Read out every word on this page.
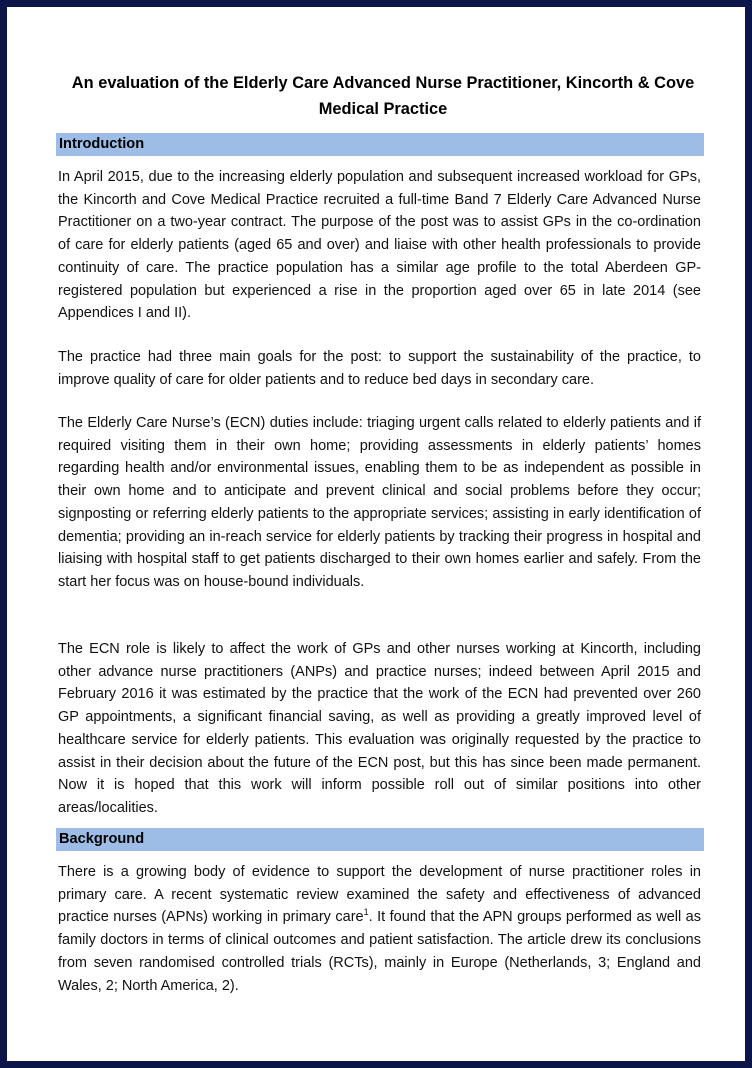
An evaluation of the Elderly Care Advanced Nurse Practitioner, Kincorth & Cove
Medical Practice
Introduction

In April 2015, due to the increasing elderly population and subsequent increased workload for GPs, the Kincorth and Cove Medical Practice recruited a full-time Band 7 Elderly Care Advanced Nurse Practitioner on a two-year contract. The purpose of the post was to assist GPs in the co-ordination of care for elderly patients (aged 65 and over) and liaise with other health professionals to provide continuity of care. The practice population has a similar age profile to the total Aberdeen GP-registered population but experienced a rise in the proportion aged over 65 in late 2014 (see Appendices I and II).

The practice had three main goals for the post: to support the sustainability of the practice, to improve quality of care for older patients and to reduce bed days in secondary care.

The Elderly Care Nurse’s (ECN) duties include: triaging urgent calls related to elderly patients and if required visiting them in their own home; providing assessments in elderly patients’ homes regarding health and/or environmental issues, enabling them to be as independent as possible in their own home and to anticipate and prevent clinical and social problems before they occur; signposting or referring elderly patients to the appropriate services; assisting in early identification of dementia; providing an in-reach service for elderly patients by tracking their progress in hospital and liaising with hospital staff to get patients discharged to their own homes earlier and safely. From the start her focus was on house-bound individuals.

The ECN role is likely to affect the work of GPs and other nurses working at Kincorth, including other advance nurse practitioners (ANPs) and practice nurses; indeed between April 2015 and February 2016 it was estimated by the practice that the work of the ECN had prevented over 260 GP appointments, a significant financial saving, as well as providing a greatly improved level of healthcare service for elderly patients. This evaluation was originally requested by the practice to assist in their decision about the future of the ECN post, but this has since been made permanent. Now it is hoped that this work will inform possible roll out of similar positions into other areas/localities.

Background

There is a growing body of evidence to support the development of nurse practitioner roles in primary care. A recent systematic review examined the safety and effectiveness of advanced practice nurses (APNs) working in primary care$^1$. It found that the APN groups performed as well as family doctors in terms of clinical outcomes and patient satisfaction. The article drew its conclusions from seven randomised controlled trials (RCTs), mainly in Europe (Netherlands, 3; England and Wales, 2; North America, 2).
